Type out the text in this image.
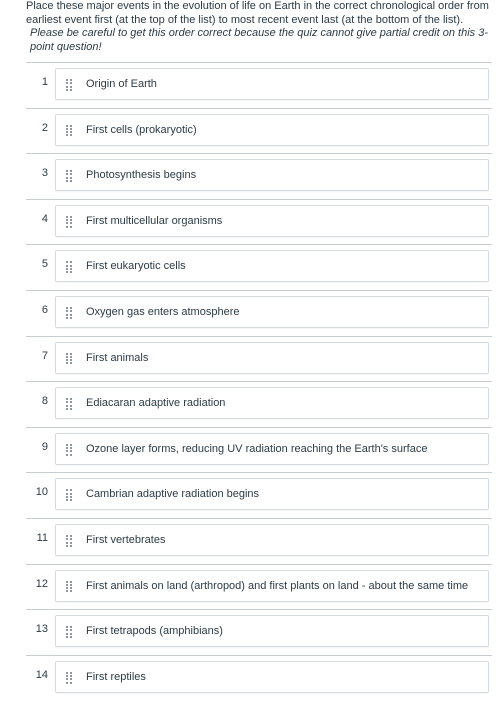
Place these major events in the evolution of life on Earth in the correct chronological order from earliest event first (at the top of the list) to most recent event last (at the bottom of the list).
Please be careful to get this order correct because the quiz cannot give partial credit on this 3-point question!
1	Origin of Earth
2	First cells (prokaryotic)
3	Photosynthesis begins
4	First multicellular organisms
5	First eukaryotic cells
6	Oxygen gas enters atmosphere
7	First animals
8	Ediacaran adaptive radiation
9	Ozone layer forms, reducing UV radiation reaching the Earth's surface
10	Cambrian adaptive radiation begins
11	First vertebrates
12	First animals on land (arthropod) and first plants on land - about the same time
13	First tetrapods (amphibians)
14	First reptiles
